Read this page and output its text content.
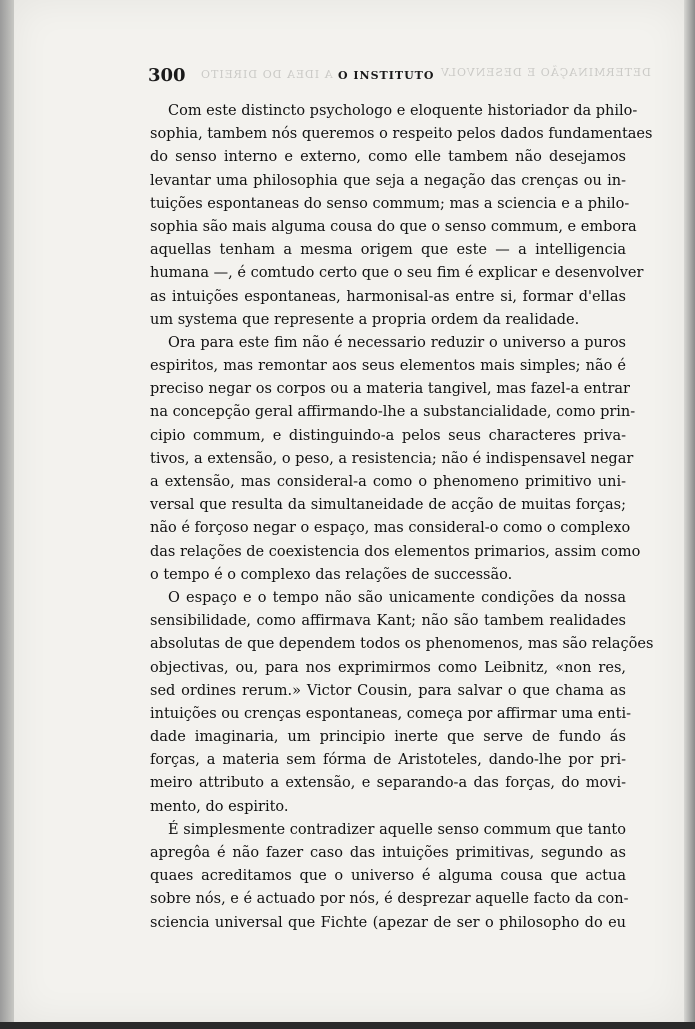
300	O INSTITUTO
A IDEA DO DIREITO	DETERMINAÇÃO E DESENVOLV
Com este distincto psychologo e eloquente historiador da philo-
sophia, tambem nós queremos o respeito pelos dados fundamentaes
do senso interno e externo, como elle tambem não desejamos
levantar uma philosophia que seja a negação das crenças ou in-
tuições espontaneas do senso commum; mas a sciencia e a philo-
sophia são mais alguma cousa do que o senso commum, e embora
aquellas tenham a mesma origem que este — a intelligencia
humana —, é comtudo certo que o seu fim é explicar e desenvolver
as intuições espontaneas, harmonisal-as entre si, formar d'ellas
um systema que represente a propria ordem da realidade.
Ora para este fim não é necessario reduzir o universo a puros
espiritos, mas remontar aos seus elementos mais simples; não é
preciso negar os corpos ou a materia tangivel, mas fazel-a entrar
na concepção geral affirmando-lhe a substancialidade, como prin-
cipio commum, e distinguindo-a pelos seus characteres priva-
tivos, a extensão, o peso, a resistencia; não é indispensavel negar
a extensão, mas consideral-a como o phenomeno primitivo uni-
versal que resulta da simultaneidade de acção de muitas forças;
não é forçoso negar o espaço, mas consideral-o como o complexo
das relações de coexistencia dos elementos primarios, assim como
o tempo é o complexo das relações de successão.
O espaço e o tempo não são unicamente condições da nossa
sensibilidade, como affirmava Kant; não são tambem realidades
absolutas de que dependem todos os phenomenos, mas são relações
objectivas, ou, para nos exprimirmos como Leibnitz, «non res,
sed ordines rerum.» Victor Cousin, para salvar o que chama as
intuições ou crenças espontaneas, começa por affirmar uma enti-
dade imaginaria, um principio inerte que serve de fundo ás
forças, a materia sem fórma de Aristoteles, dando-lhe por pri-
meiro attributo a extensão, e separando-a das forças, do movi-
mento, do espirito.
É simplesmente contradizer aquelle senso commum que tanto
apregôa é não fazer caso das intuições primitivas, segundo as
quaes acreditamos que o universo é alguma cousa que actua
sobre nós, e é actuado por nós, é desprezar aquelle facto da con-
sciencia universal que Fichte (apezar de ser o philosopho do eu
